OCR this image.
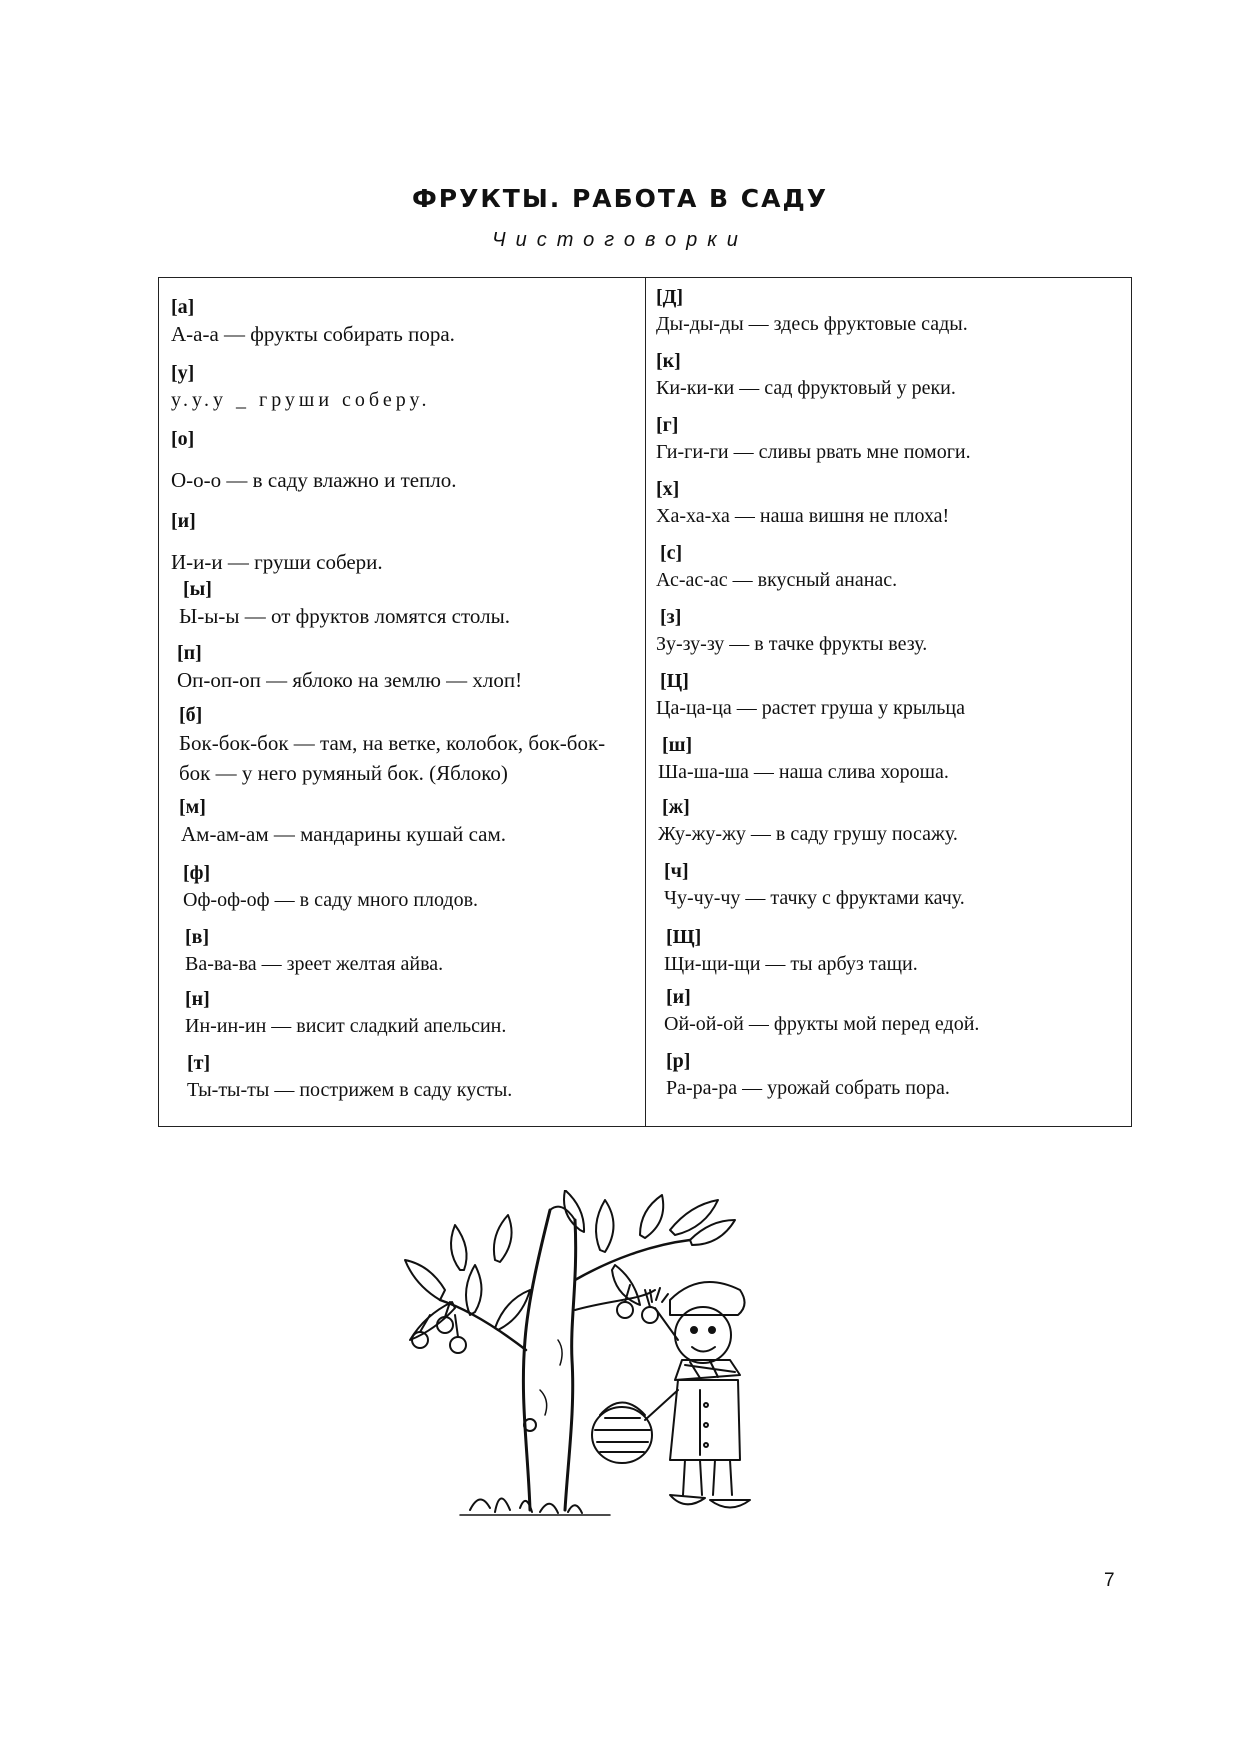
ФРУКТЫ. РАБОТА В САДУ
Чистоговорки
[а]
А-а-а — фрукты собирать пора.
[у]
у.у.у _ груши соберу.
[о]
О-о-о — в саду влажно и тепло.
[и]
И-и-и — груши собери.
[ы]
Ы-ы-ы — от фруктов ломятся столы.
[п]
Оп-оп-оп — яблоко на землю — хлоп!
[б]
Бок-бок-бок — там, на ветке, колобок, бок-бок-бок — у него румяный бок. (Яблоко)
[м]
Ам-ам-ам — мандарины кушай сам.
[ф]
Оф-оф-оф — в саду много плодов.
[в]
Ва-ва-ва — зреет желтая айва.
[н]
Ин-ин-ин — висит сладкий апельсин.
[т]
Ты-ты-ты — пострижем в саду кусты.
[Д]
Ды-ды-ды — здесь фруктовые сады.
[к]
Ки-ки-ки — сад фруктовый у реки.
[г]
Ги-ги-ги — сливы рвать мне помоги.
[х]
Ха-ха-ха — наша вишня не плоха!
[с]
Ас-ас-ас — вкусный ананас.
[з]
Зу-зу-зу — в тачке фрукты везу.
[Ц]
Ца-ца-ца — растет груша у крыльца
[ш]
Ша-ша-ша — наша слива хороша.
[ж]
Жу-жу-жу — в саду грушу посажу.
[ч]
Чу-чу-чу — тачку с фруктами качу.
[Щ]
Щи-щи-щи — ты арбуз тащи.
[и]
Ой-ой-ой — фрукты мой перед едой.
[р]
Ра-ра-ра — урожай собрать пора.
7
